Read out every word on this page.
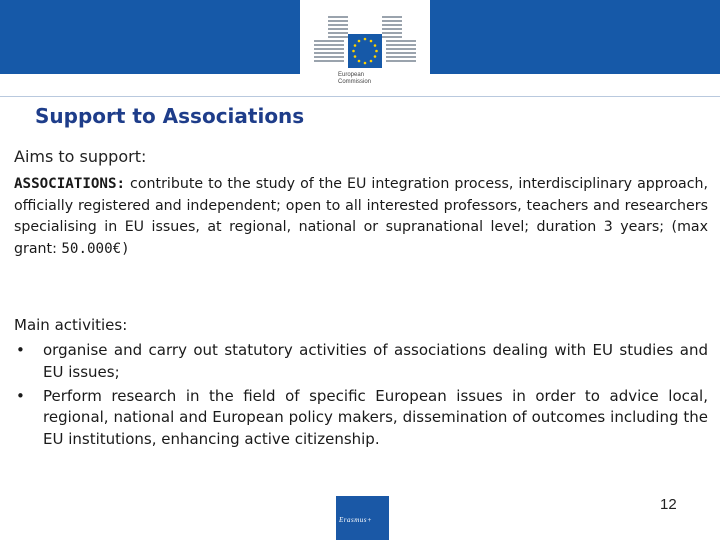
European
Commission
Support to Associations
Aims to support:
ASSOCIATIONS: contribute to the study of the EU integration process, interdisciplinary approach, officially registered and independent; open to all interested professors, teachers and researchers specialising in EU issues, at regional, national or supranational level; duration 3 years; (max grant: 50.000€)
Main activities:
• organise and carry out statutory activities of associations dealing with EU studies and EU issues;
• Perform research in the field of specific European issues in order to advice local, regional, national and European policy makers, dissemination of outcomes including the EU institutions, enhancing active citizenship.
12
Erasmus+
